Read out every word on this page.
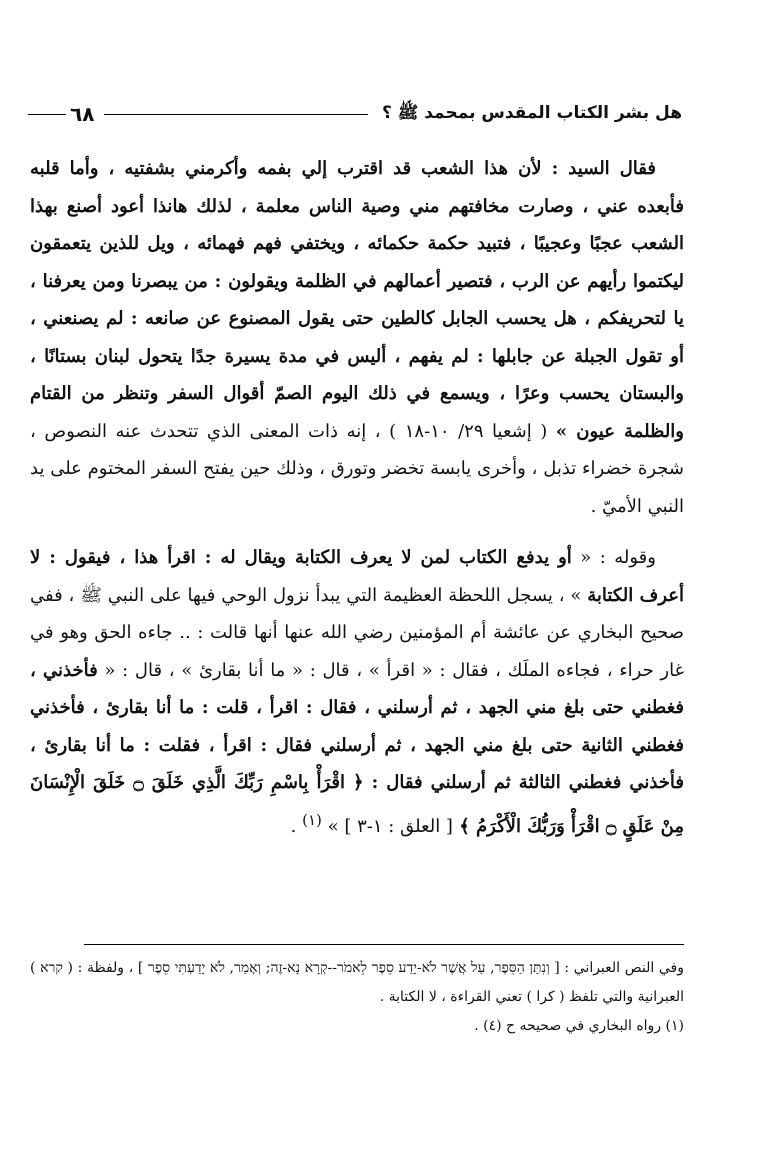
هل بشر الكتاب المقدس بمحمد ﷺ ؟
٦٨

فقال السيد : لأن هذا الشعب قد اقترب إلي بفمه وأكرمني بشفتيه ، وأما قلبه فأبعده عني ، وصارت مخافتهم مني وصية الناس معلمة ، لذلك هانذا أعود أصنع بهذا الشعب عجبًا وعجيبًا ، فتبيد حكمة حكمائه ، ويختفي فهم فهمائه ، ويل للذين يتعمقون ليكتموا رأيهم عن الرب ، فتصير أعمالهم في الظلمة ويقولون : من يبصرنا ومن يعرفنا ، يا لتحريفكم ، هل يحسب الجابل كالطين حتى يقول المصنوع عن صانعه : لم يصنعني ، أو تقول الجبلة عن جابلها : لم يفهم ، أليس في مدة يسيرة جدًا يتحول لبنان بستانًا ، والبستان يحسب وعرًا ، ويسمع في ذلك اليوم الصمّ أقوال السفر وتنظر من القتام والظلمة عيون » ( إشعيا ٢٩/ ١٠-١٨ ) ، إنه ذات المعنى الذي تتحدث عنه النصوص ، شجرة خضراء تذبل ، وأخرى يابسة تخضر وتورق ، وذلك حين يفتح السفر المختوم على يد النبي الأميّ .

وقوله : « أو يدفع الكتاب لمن لا يعرف الكتابة ويقال له : اقرأ هذا ، فيقول : لا أعرف الكتابة » ، يسجل اللحظة العظيمة التي يبدأ نزول الوحي فيها على النبي ﷺ ، ففي صحيح البخاري عن عائشة أم المؤمنين رضي الله عنها أنها قالت : .. جاءه الحق وهو في غار حراء ، فجاءه الملَك ، فقال : « اقرأ » ، قال : « ما أنا بقارئ » ، قال : « فأخذني ، فغطني حتى بلغ مني الجهد ، ثم أرسلني ، فقال : اقرأ ، قلت : ما أنا بقارئ ، فأخذني فغطني الثانية حتى بلغ مني الجهد ، ثم أرسلني فقال : اقرأ ، فقلت : ما أنا بقارئ ، فأخذني فغطني الثالثة ثم أرسلني فقال : ﴿ اقْرَأْ بِاسْمِ رَبِّكَ الَّذِي خَلَقَ ۝ خَلَقَ الْإِنْسَانَ مِنْ عَلَقٍ ۝ اقْرَأْ وَرَبُّكَ الْأَكْرَمُ ﴾ [ العلق : ١-٣ ] » $^{(١)}$ .

وفي النص العبراني : [ וְנִתַּן הַסֵּפֶר, עַל אֲשֶׁר לֹא-יָדַע סֵפֶר לֵאמֹר--קְרָא נָא-זֶה; וְאָמַר, לֹא יָדַעְתִּי סֵפֶר ] ، ولفظة : ( קרא ) العبرانية والتي تلفظ ( كرا ) تعني القراءة ، لا الكتابة .

(١) رواه البخاري في صحيحه ح (٤) .
